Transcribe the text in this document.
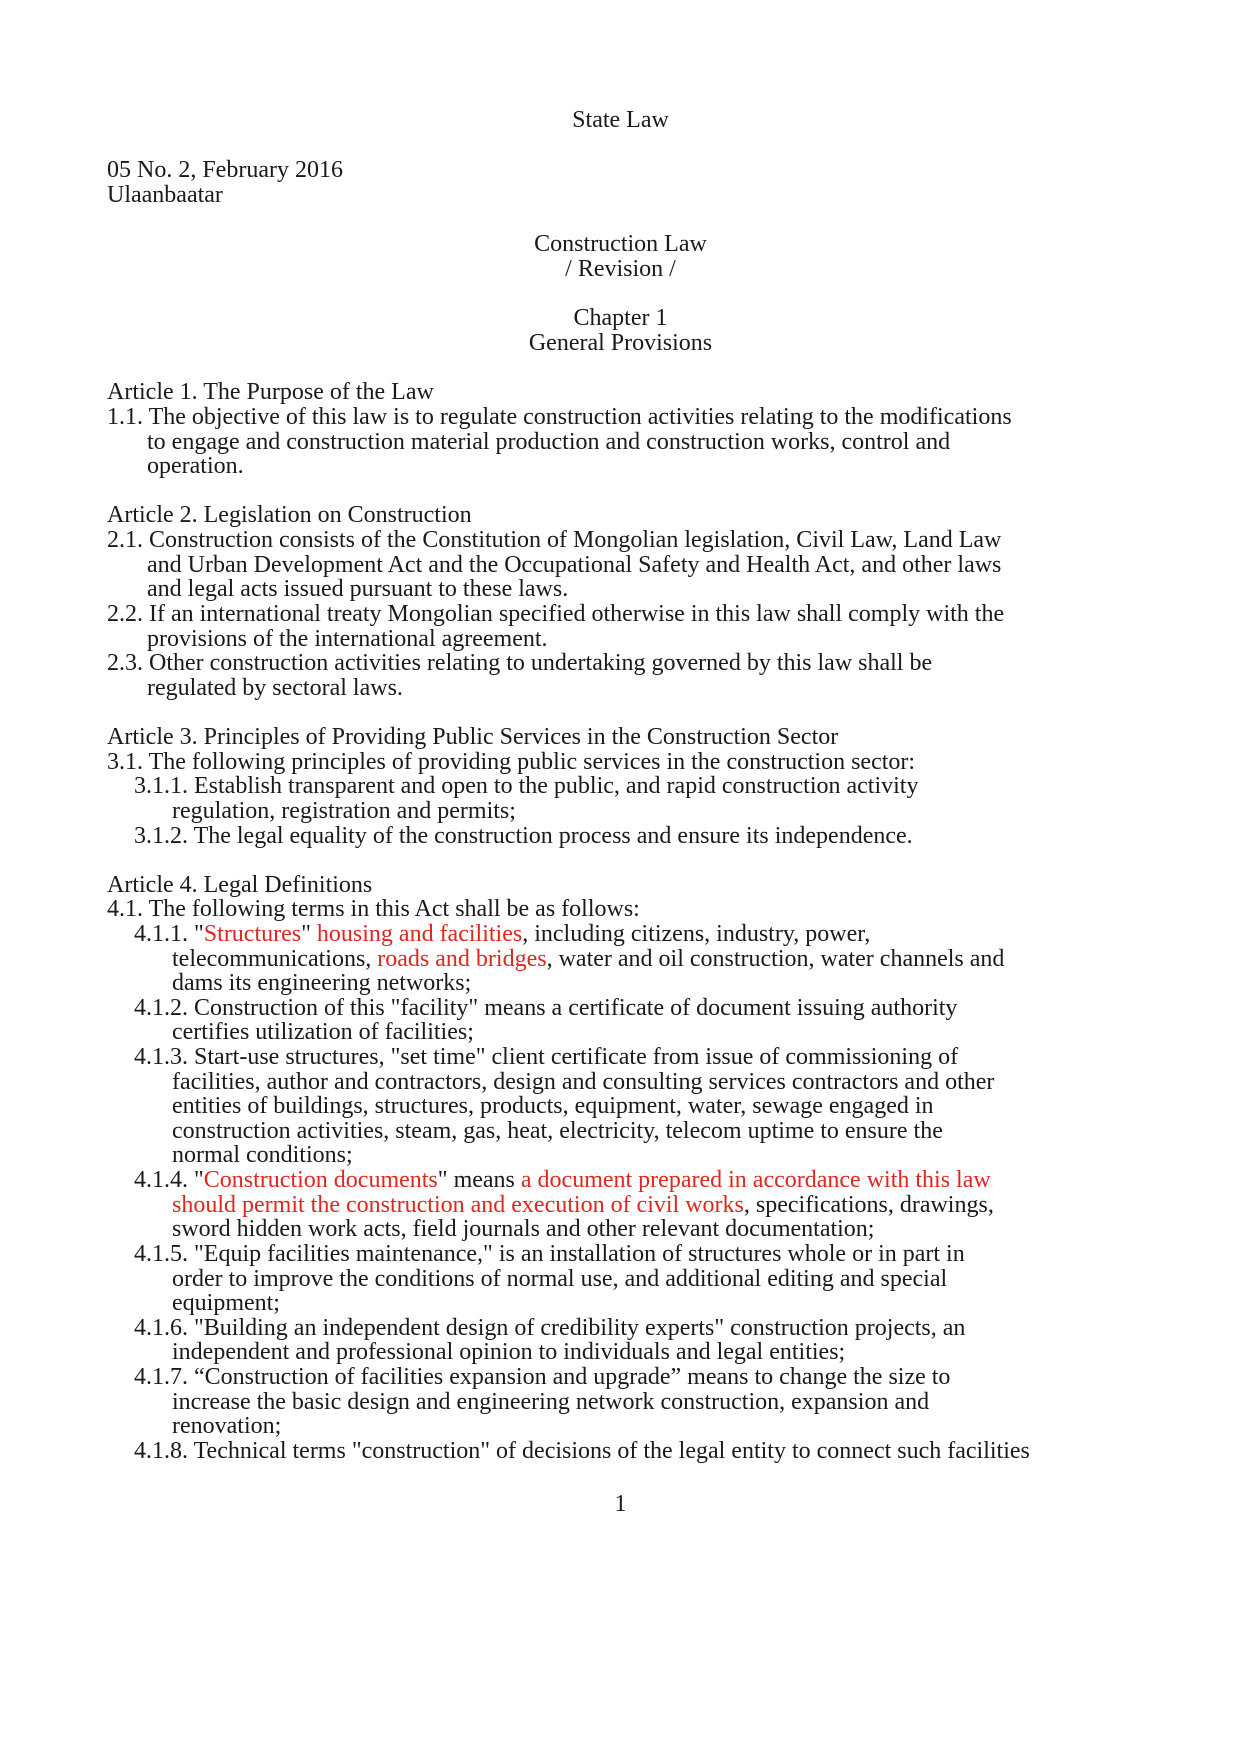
State Law
05 No. 2, February 2016
Ulaanbaatar
Construction Law
/ Revision /
Chapter 1
General Provisions
Article 1. The Purpose of the Law
1.1. The objective of this law is to regulate construction activities relating to the modifications
to engage and construction material production and construction works, control and
operation.
Article 2. Legislation on Construction
2.1. Construction consists of the Constitution of Mongolian legislation, Civil Law, Land Law
and Urban Development Act and the Occupational Safety and Health Act, and other laws
and legal acts issued pursuant to these laws.
2.2. If an international treaty Mongolian specified otherwise in this law shall comply with the
provisions of the international agreement.
2.3. Other construction activities relating to undertaking governed by this law shall be
regulated by sectoral laws.
Article 3. Principles of Providing Public Services in the Construction Sector
3.1. The following principles of providing public services in the construction sector:
3.1.1. Establish transparent and open to the public, and rapid construction activity
regulation, registration and permits;
3.1.2. The legal equality of the construction process and ensure its independence.
Article 4. Legal Definitions
4.1. The following terms in this Act shall be as follows:
4.1.1. "Structures" housing and facilities, including citizens, industry, power,
telecommunications, roads and bridges, water and oil construction, water channels and
dams its engineering networks;
4.1.2. Construction of this "facility" means a certificate of document issuing authority
certifies utilization of facilities;
4.1.3. Start-use structures, "set time" client certificate from issue of commissioning of
facilities, author and contractors, design and consulting services contractors and other
entities of buildings, structures, products, equipment, water, sewage engaged in
construction activities, steam, gas, heat, electricity, telecom uptime to ensure the
normal conditions;
4.1.4. "Construction documents" means a document prepared in accordance with this law
should permit the construction and execution of civil works, specifications, drawings,
sword hidden work acts, field journals and other relevant documentation;
4.1.5. "Equip facilities maintenance," is an installation of structures whole or in part in
order to improve the conditions of normal use, and additional editing and special
equipment;
4.1.6. "Building an independent design of credibility experts" construction projects, an
independent and professional opinion to individuals and legal entities;
4.1.7. “Construction of facilities expansion and upgrade” means to change the size to
increase the basic design and engineering network construction, expansion and
renovation;
4.1.8. Technical terms "construction" of decisions of the legal entity to connect such facilities
1
